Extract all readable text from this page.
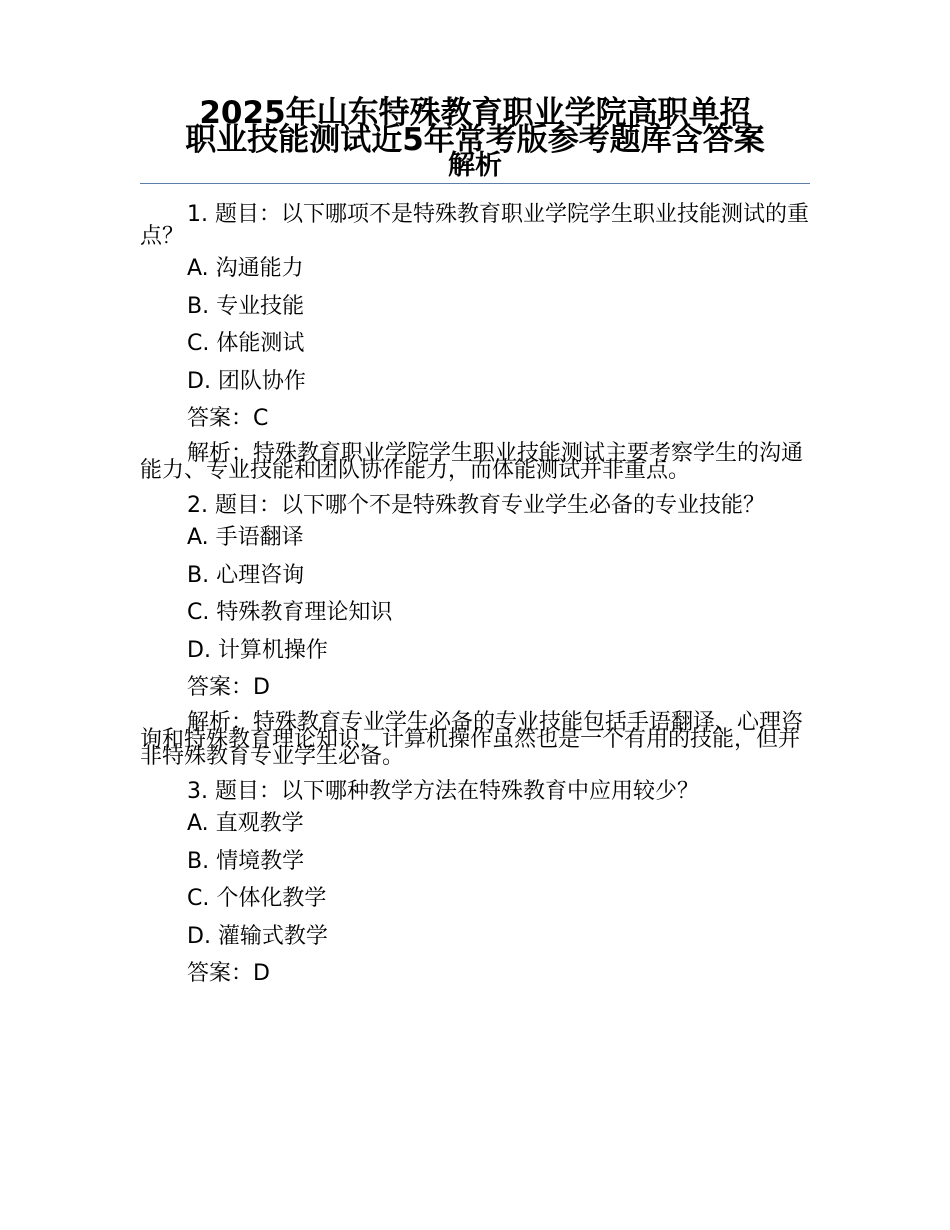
2025年山东特殊教育职业学院高职单招
职业技能测试近5年常考版参考题库含答案
解析

1. 题目：以下哪项不是特殊教育职业学院学生职业技能测试的重点？

A. 沟通能力
B. 专业技能
C. 体能测试
D. 团队协作
答案：C

解析：特殊教育职业学院学生职业技能测试主要考察学生的沟通能力、专业技能和团队协作能力，而体能测试并非重点。

2. 题目：以下哪个不是特殊教育专业学生必备的专业技能？

A. 手语翻译
B. 心理咨询
C. 特殊教育理论知识
D. 计算机操作
答案：D

解析：特殊教育专业学生必备的专业技能包括手语翻译、心理咨询和特殊教育理论知识，计算机操作虽然也是一个有用的技能，但并非特殊教育专业学生必备。

3. 题目：以下哪种教学方法在特殊教育中应用较少？

A. 直观教学
B. 情境教学
C. 个体化教学
D. 灌输式教学
答案：D
